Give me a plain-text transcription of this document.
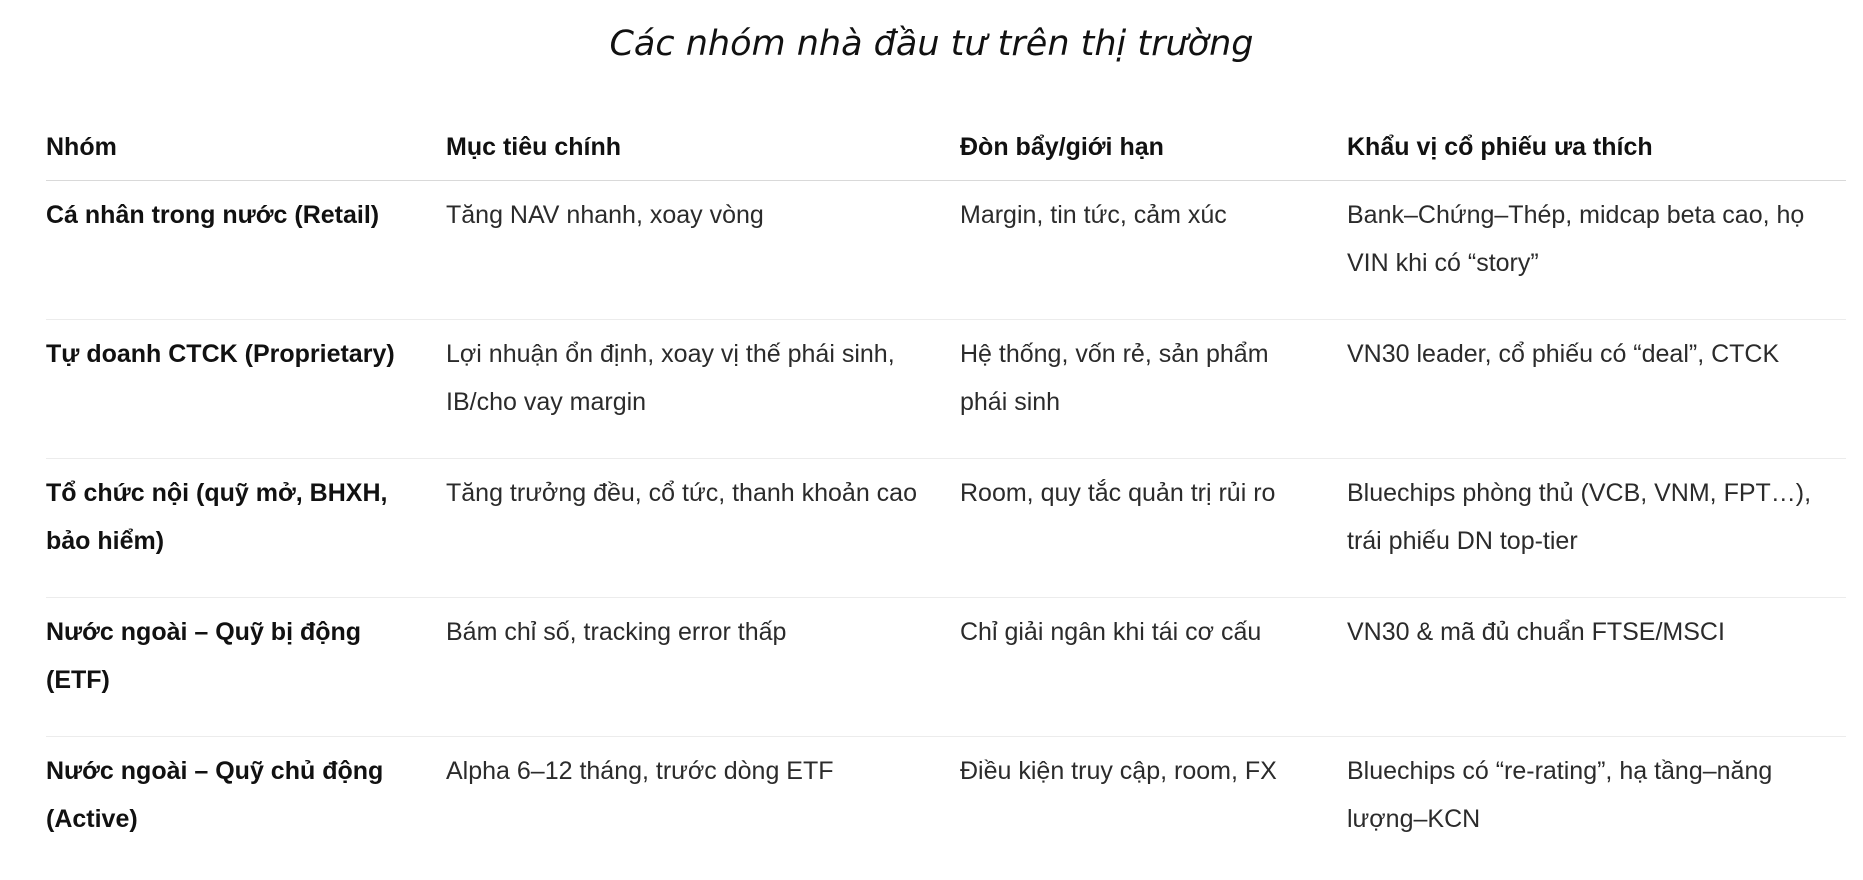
Các nhóm nhà đầu tư trên thị trường
Nhóm	Mục tiêu chính	Đòn bẩy/giới hạn	Khẩu vị cổ phiếu ưa thích
Cá nhân trong nước (Retail)	Tăng NAV nhanh, xoay vòng	Margin, tin tức, cảm xúc	Bank–Chứng–Thép, midcap beta cao, họ VIN khi có “story”
Tự doanh CTCK (Proprietary)	Lợi nhuận ổn định, xoay vị thế phái sinh, IB/cho vay margin	Hệ thống, vốn rẻ, sản phẩm phái sinh	VN30 leader, cổ phiếu có “deal”, CTCK
Tổ chức nội (quỹ mở, BHXH, bảo hiểm)	Tăng trưởng đều, cổ tức, thanh khoản cao	Room, quy tắc quản trị rủi ro	Bluechips phòng thủ (VCB, VNM, FPT…), trái phiếu DN top-tier
Nước ngoài – Quỹ bị động (ETF)	Bám chỉ số, tracking error thấp	Chỉ giải ngân khi tái cơ cấu	VN30 & mã đủ chuẩn FTSE/MSCI
Nước ngoài – Quỹ chủ động (Active)	Alpha 6–12 tháng, trước dòng ETF	Điều kiện truy cập, room, FX	Bluechips có “re-rating”, hạ tầng–năng lượng–KCN
